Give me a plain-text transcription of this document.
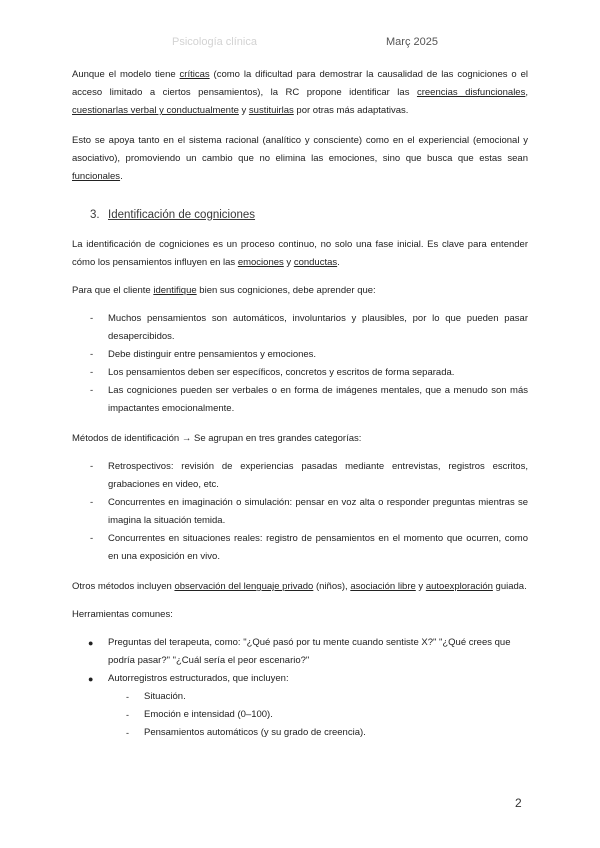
Psicología clínica	Març 2025

Aunque el modelo tiene críticas (como la dificultad para demostrar la causalidad de las cogniciones o el acceso limitado a ciertos pensamientos), la RC propone identificar las creencias disfuncionales, cuestionarlas verbal y conductualmente y sustituirlas por otras más adaptativas.

Esto se apoya tanto en el sistema racional (analítico y consciente) como en el experiencial (emocional y asociativo), promoviendo un cambio que no elimina las emociones, sino que busca que estas sean funcionales.

3. Identificación de cogniciones

La identificación de cogniciones es un proceso continuo, no solo una fase inicial. Es clave para entender cómo los pensamientos influyen en las emociones y conductas.

Para que el cliente identifique bien sus cogniciones, debe aprender que:

- Muchos pensamientos son automáticos, involuntarios y plausibles, por lo que pueden pasar desapercibidos.
- Debe distinguir entre pensamientos y emociones.
- Los pensamientos deben ser específicos, concretos y escritos de forma separada.
- Las cogniciones pueden ser verbales o en forma de imágenes mentales, que a menudo son más impactantes emocionalmente.

Métodos de identificación → Se agrupan en tres grandes categorías:

- Retrospectivos: revisión de experiencias pasadas mediante entrevistas, registros escritos, grabaciones en video, etc.
- Concurrentes en imaginación o simulación: pensar en voz alta o responder preguntas mientras se imagina la situación temida.
- Concurrentes en situaciones reales: registro de pensamientos en el momento que ocurren, como en una exposición en vivo.

Otros métodos incluyen observación del lenguaje privado (niños), asociación libre y autoexploración guiada.

Herramientas comunes:

● Preguntas del terapeuta, como: "¿Qué pasó por tu mente cuando sentiste X?" "¿Qué crees que podría pasar?" "¿Cuál sería el peor escenario?"
● Autorregistros estructurados, que incluyen:
- Situación.
- Emoción e intensidad (0–100).
- Pensamientos automáticos (y su grado de creencia).
2
